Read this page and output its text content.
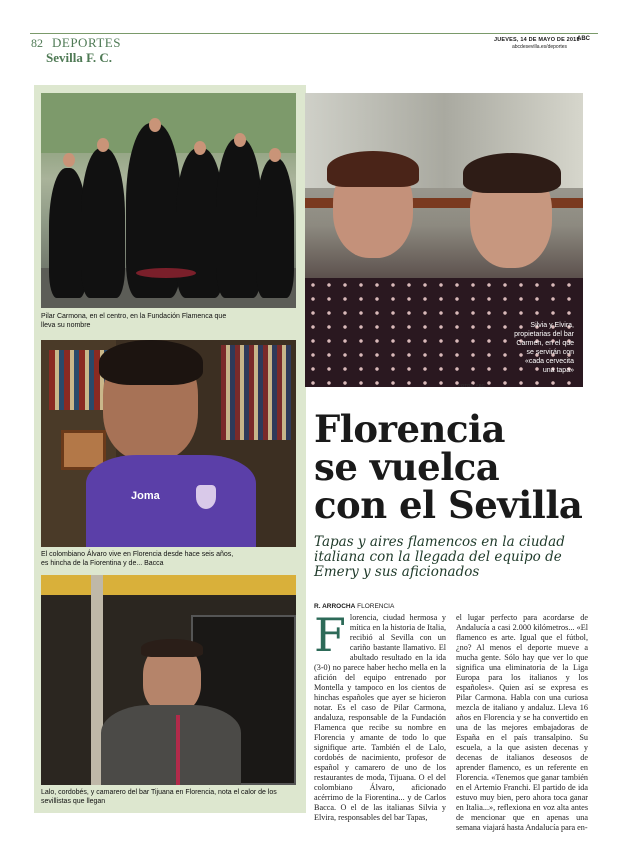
82 DEPORTES
Sevilla F. C.
JUEVES, 14 DE MAYO DE 2015
ABC
abcdesevilla.es/deportes
Pilar Carmona, en el centro, en la Fundación Flamenca que lleva su nombre
Joma
El colombiano Álvaro vive en Florencia desde hace seis años, es hincha de la Fiorentina y de... Bacca
Lalo, cordobés, y camarero del bar Tijuana en Florencia, nota el calor de los sevillistas que llegan
Silvia y Elvira, propietarias del bar Carmen, en el que se servirán con «cada cervecita una tapa»
FOTOS: ABC
Florencia
se vuelca
con el Sevilla
Tapas y aires flamencos en la ciudad italiana con la llegada del equipo de Emery y sus aficionados
R. ARROCHA FLORENCIA
Florencia, ciudad hermosa y mítica en la historia de Italia, recibió al Sevilla con un cariño bastante llamativo. El abultado resultado en la ida (3-0) no parece haber hecho mella en la afición del equipo entrenado por Montella y tampoco en los cientos de hinchas españoles que ayer se hicieron notar. Es el caso de Pilar Carmona, andaluza, responsable de la Fundación Flamenca que recibe su nombre en Florencia y amante de todo lo que signifique arte. También el de Lalo, cordobés de nacimiento, profesor de español y camarero de uno de los restaurantes de moda, Tijuana. O el del colombiano Álvaro, aficionado acérrimo de la Fiorentina... y de Carlos Bacca. O el de las italianas Silvia y Elvira, responsables del bar Tapas,
el lugar perfecto para acordarse de Andalucía a casi 2.000 kilómetros... «El flamenco es arte. Igual que el fútbol, ¿no? Al menos el deporte mueve a mucha gente. Sólo hay que ver lo que significa una eliminatoria de la Liga Europa para los italianos y los españoles». Quien así se expresa es Pilar Carmona. Habla con una curiosa mezcla de italiano y andaluz. Lleva 16 años en Florencia y se ha convertido en una de las mejores embajadoras de España en el país transalpino. Su escuela, a la que asisten decenas y decenas de italianos deseosos de aprender flamenco, es un referente en Florencia. «Tenemos que ganar también en el Artemio Franchi. El partido de ida estuvo muy bien, pero ahora toca ganar en Italia...», reflexiona en voz alta antes de mencionar que en apenas una semana viajará hasta Andalucía para en-
